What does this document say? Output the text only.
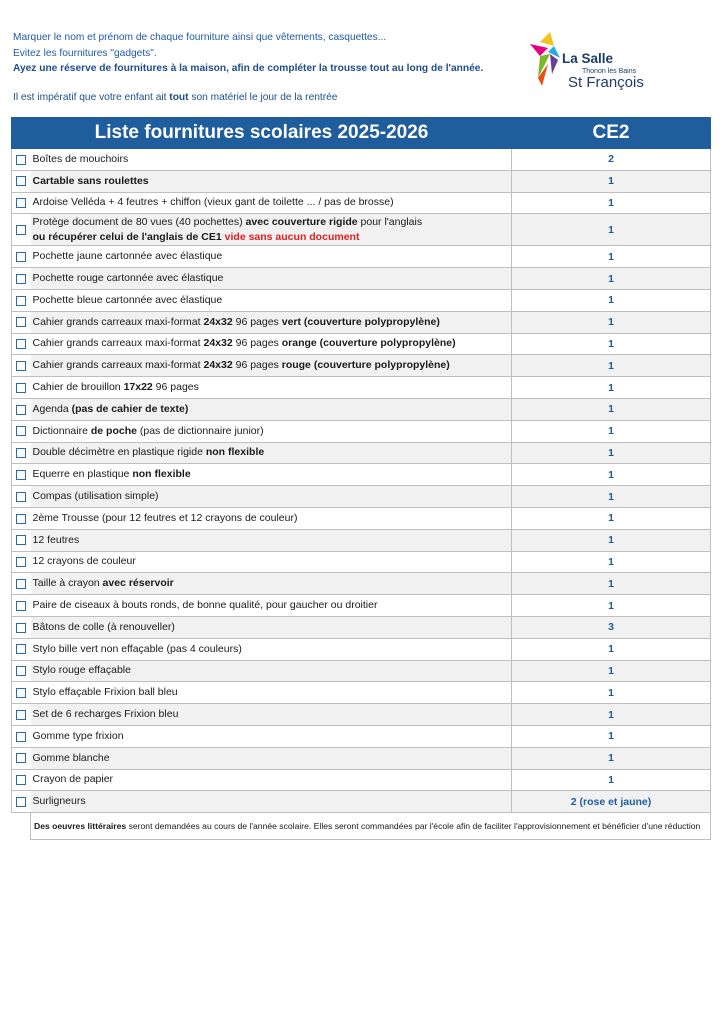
Marquer le nom et prénom de chaque fourniture ainsi que vêtements, casquettes...
Evitez les fournitures "gadgets".
Ayez une réserve de fournitures à la maison, afin de compléter la trousse tout au long de l'année.
Il est impératif que votre enfant ait tout son matériel le jour de la rentrée
La Salle
Thonon les Bains
St François
Liste fournitures scolaires 2025-2026		CE2
	Boîtes de mouchoirs	2
	Cartable sans roulettes	1
	Ardoise Velléda + 4 feutres + chiffon (vieux gant de toilette ... / pas de brosse)	1
	Protège document de 80 vues (40 pochettes) avec couverture rigide pour l'anglais
ou récupérer celui de l'anglais de CE1 vide sans aucun document	1
	Pochette jaune cartonnée avec élastique	1
	Pochette rouge cartonnée avec élastique	1
	Pochette bleue cartonnée avec élastique	1
	Cahier grands carreaux maxi-format 24x32 96 pages vert (couverture polypropylène)	1
	Cahier grands carreaux maxi-format 24x32 96 pages orange (couverture polypropylène)	1
	Cahier grands carreaux maxi-format 24x32 96 pages rouge (couverture polypropylène)	1
	Cahier de brouillon 17x22 96 pages	1
	Agenda (pas de cahier de texte)	1
	Dictionnaire de poche (pas de dictionnaire junior)	1
	Double décimètre en plastique rigide non flexible	1
	Equerre en plastique non flexible	1
	Compas (utilisation simple)	1
	2ème Trousse (pour 12 feutres et 12 crayons de couleur)	1
	12 feutres	1
	12 crayons de couleur	1
	Taille à crayon avec réservoir	1
	Paire de ciseaux à bouts ronds, de bonne qualité, pour gaucher ou droitier	1
	Bâtons de colle (à renouveller)	3
	Stylo bille vert non effaçable (pas 4 couleurs)	1
	Stylo rouge effaçable	1
	Stylo effaçable Frixion ball bleu	1
	Set de 6 recharges Frixion bleu	1
	Gomme type frixion	1
	Gomme blanche	1
	Crayon de papier	1
	Surligneurs	2 (rose et jaune)
	Des oeuvres littéraires seront demandées au cours de l'année scolaire. Elles seront commandées par l'école afin de faciliter l'approvisionnement et bénéficier d'une réduction	
